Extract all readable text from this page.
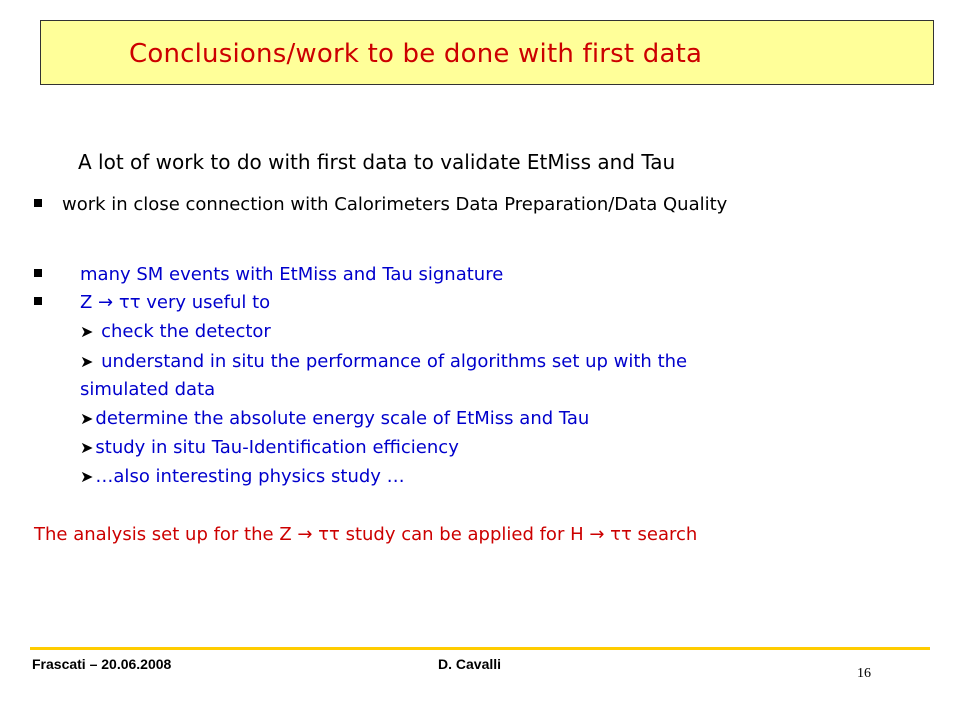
Conclusions/work to be done with first data
A lot of work to do with first data to validate EtMiss and Tau
work in close connection with Calorimeters Data Preparation/Data Quality
many SM events with EtMiss and Tau signature
Z → ττ very useful to
➤ check the detector
➤ understand in situ the performance of algorithms set up with the
simulated data
➤ determine the absolute energy scale of EtMiss and Tau
➤ study in situ Tau-Identification efficiency
➤ …also interesting physics study …
The analysis set up for the Z → ττ study can be applied for H → ττ search
Frascati – 20.06.2008	D. Cavalli
16
